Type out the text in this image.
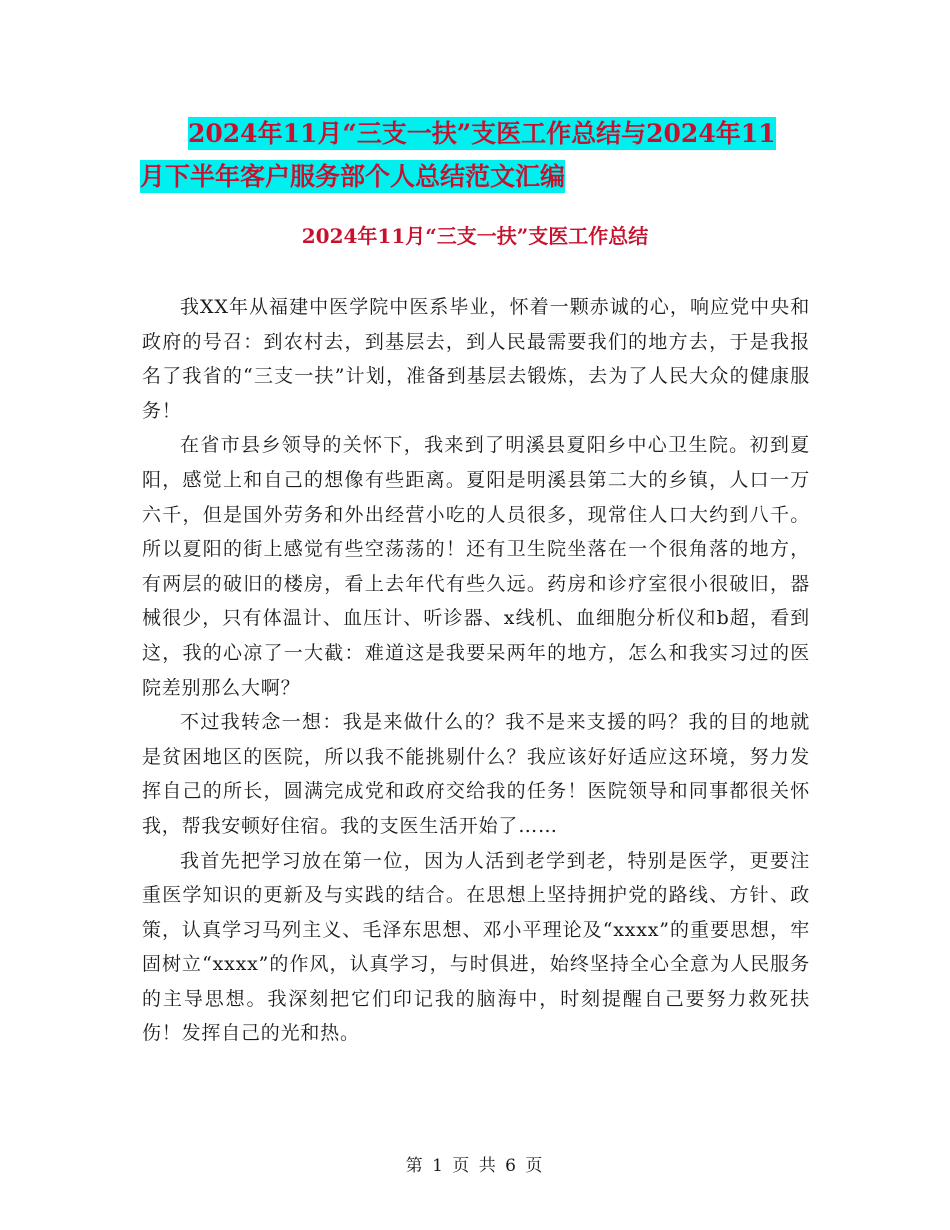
2024年11月“三支一扶”支医工作总结与2024年11
月下半年客户服务部个人总结范文汇编
2024年11月“三支一扶”支医工作总结

我XX年从福建中医学院中医系毕业，怀着一颗赤诚的心，响应党中央和政府的号召：到农村去，到基层去，到人民最需要我们的地方去，于是我报名了我省的“三支一扶”计划，准备到基层去锻炼，去为了人民大众的健康服务！

在省市县乡领导的关怀下，我来到了明溪县夏阳乡中心卫生院。初到夏阳，感觉上和自己的想像有些距离。夏阳是明溪县第二大的乡镇，人口一万六千，但是国外劳务和外出经营小吃的人员很多，现常住人口大约到八千。所以夏阳的街上感觉有些空荡荡的！还有卫生院坐落在一个很角落的地方，有两层的破旧的楼房，看上去年代有些久远。药房和诊疗室很小很破旧，器械很少，只有体温计、血压计、听诊器、x线机、血细胞分析仪和b超，看到这，我的心凉了一大截：难道这是我要呆两年的地方，怎么和我实习过的医院差别那么大啊？

不过我转念一想：我是来做什么的？我不是来支援的吗？我的目的地就是贫困地区的医院，所以我不能挑剔什么？我应该好好适应这环境，努力发挥自己的所长，圆满完成党和政府交给我的任务！医院领导和同事都很关怀我，帮我安顿好住宿。我的支医生活开始了……

我首先把学习放在第一位，因为人活到老学到老，特别是医学，更要注重医学知识的更新及与实践的结合。在思想上坚持拥护党的路线、方针、政策，认真学习马列主义、毛泽东思想、邓小平理论及“xxxx”的重要思想，牢固树立“xxxx”的作风，认真学习，与时俱进，始终坚持全心全意为人民服务的主导思想。我深刻把它们印记我的脑海中，时刻提醒自己要努力救死扶伤！发挥自己的光和热。

第 1 页 共 6 页
